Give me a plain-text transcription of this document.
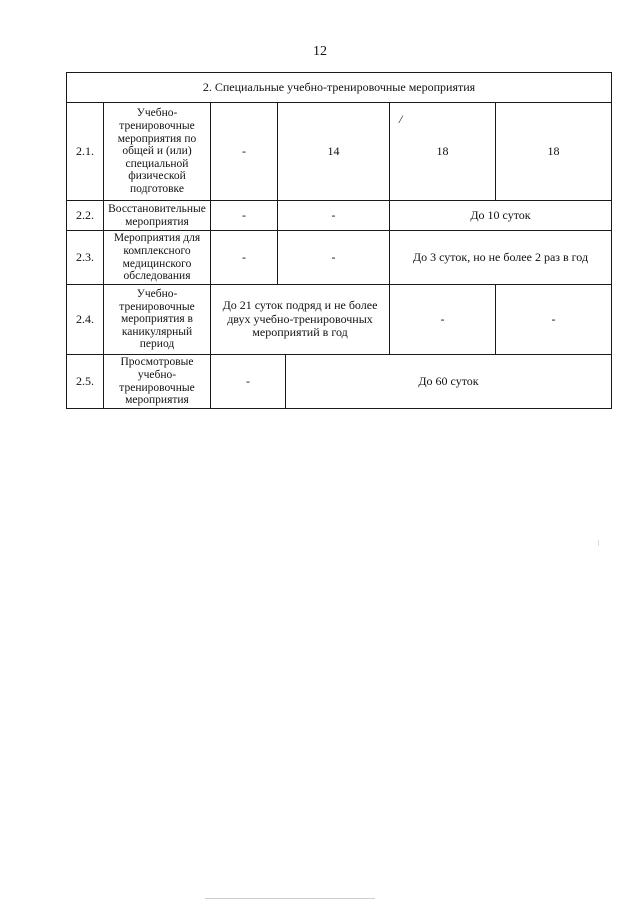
12
2. Специальные учебно-тренировочные мероприятия						
2.1.	Учебно-тренировочные мероприятия по общей и (или) специальной физической подготовке	-	14		18	18
2.2.	Восстановительные мероприятия	-	-		До 10 суток	
2.3.	Мероприятия для комплексного медицинского обследования	-	-		До 3 суток, но не более 2 раз в год	
2.4.	Учебно-тренировочные мероприятия в каникулярный период	До 21 суток подряд и не более двух учебно-тренировочных мероприятий в год			-	-
2.5.	Просмотровые учебно-тренировочные мероприятия	-		До 60 суток		
/
